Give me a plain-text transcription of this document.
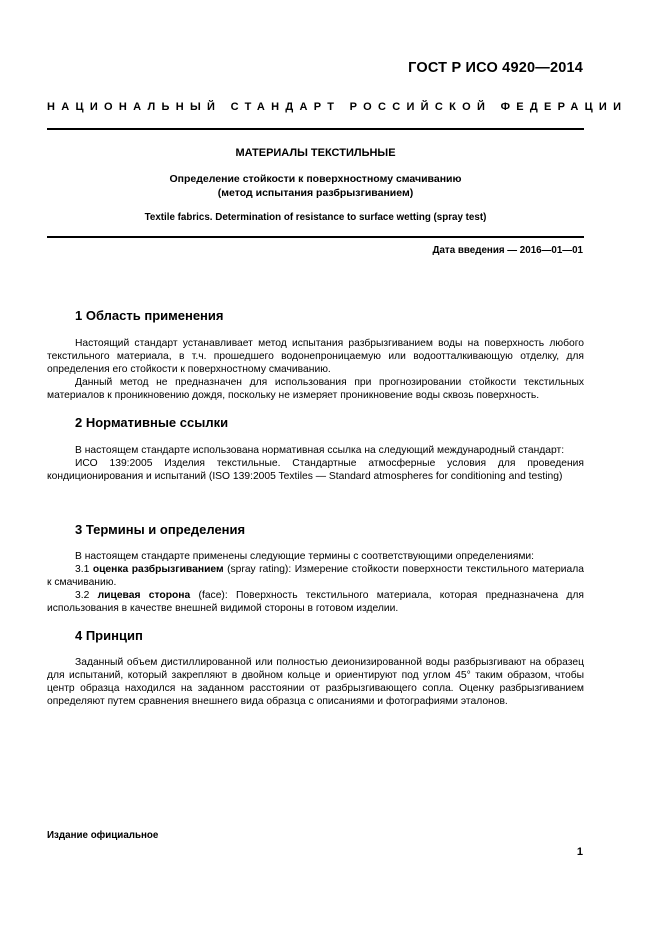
ГОСТ Р ИСО 4920—2014
НАЦИОНАЛЬНЫЙ СТАНДАРТ РОССИЙСКОЙ ФЕДЕРАЦИИ
МАТЕРИАЛЫ ТЕКСТИЛЬНЫЕ
Определение стойкости к поверхностному смачиванию
(метод испытания разбрызгиванием)
Textile fabrics. Determination of resistance to surface wetting (spray test)
Дата введения — 2016—01—01
1 Область применения

Настоящий стандарт устанавливает метод испытания разбрызгиванием воды на поверхность любого текстильного материала, в т.ч. прошедшего водонепроницаемую или водоотталкивающую отделку, для определения его стойкости к поверхностному смачиванию.

Данный метод не предназначен для использования при прогнозировании стойкости текстильных материалов к проникновению дождя, поскольку не измеряет проникновение воды сквозь поверхность.

2 Нормативные ссылки

В настоящем стандарте использована нормативная ссылка на следующий международный стандарт:

ИСО 139:2005 Изделия текстильные. Стандартные атмосферные условия для проведения кондиционирования и испытаний (ISO 139:2005 Textiles — Standard atmospheres for conditioning and testing)

3 Термины и определения

В настоящем стандарте применены следующие термины с соответствующими определениями:

3.1 оценка разбрызгиванием (spray rating): Измерение стойкости поверхности текстильного материала к смачиванию.

3.2 лицевая сторона (face): Поверхность текстильного материала, которая предназначена для использования в качестве внешней видимой стороны в готовом изделии.

4 Принцип

Заданный объем дистиллированной или полностью деионизированной воды разбрызгивают на образец для испытаний, который закрепляют в двойном кольце и ориентируют под углом 45° таким образом, чтобы центр образца находился на заданном расстоянии от разбрызгивающего сопла. Оценку разбрызгиванием определяют путем сравнения внешнего вида образца с описаниями и фотографиями эталонов.

Издание официальное
1
